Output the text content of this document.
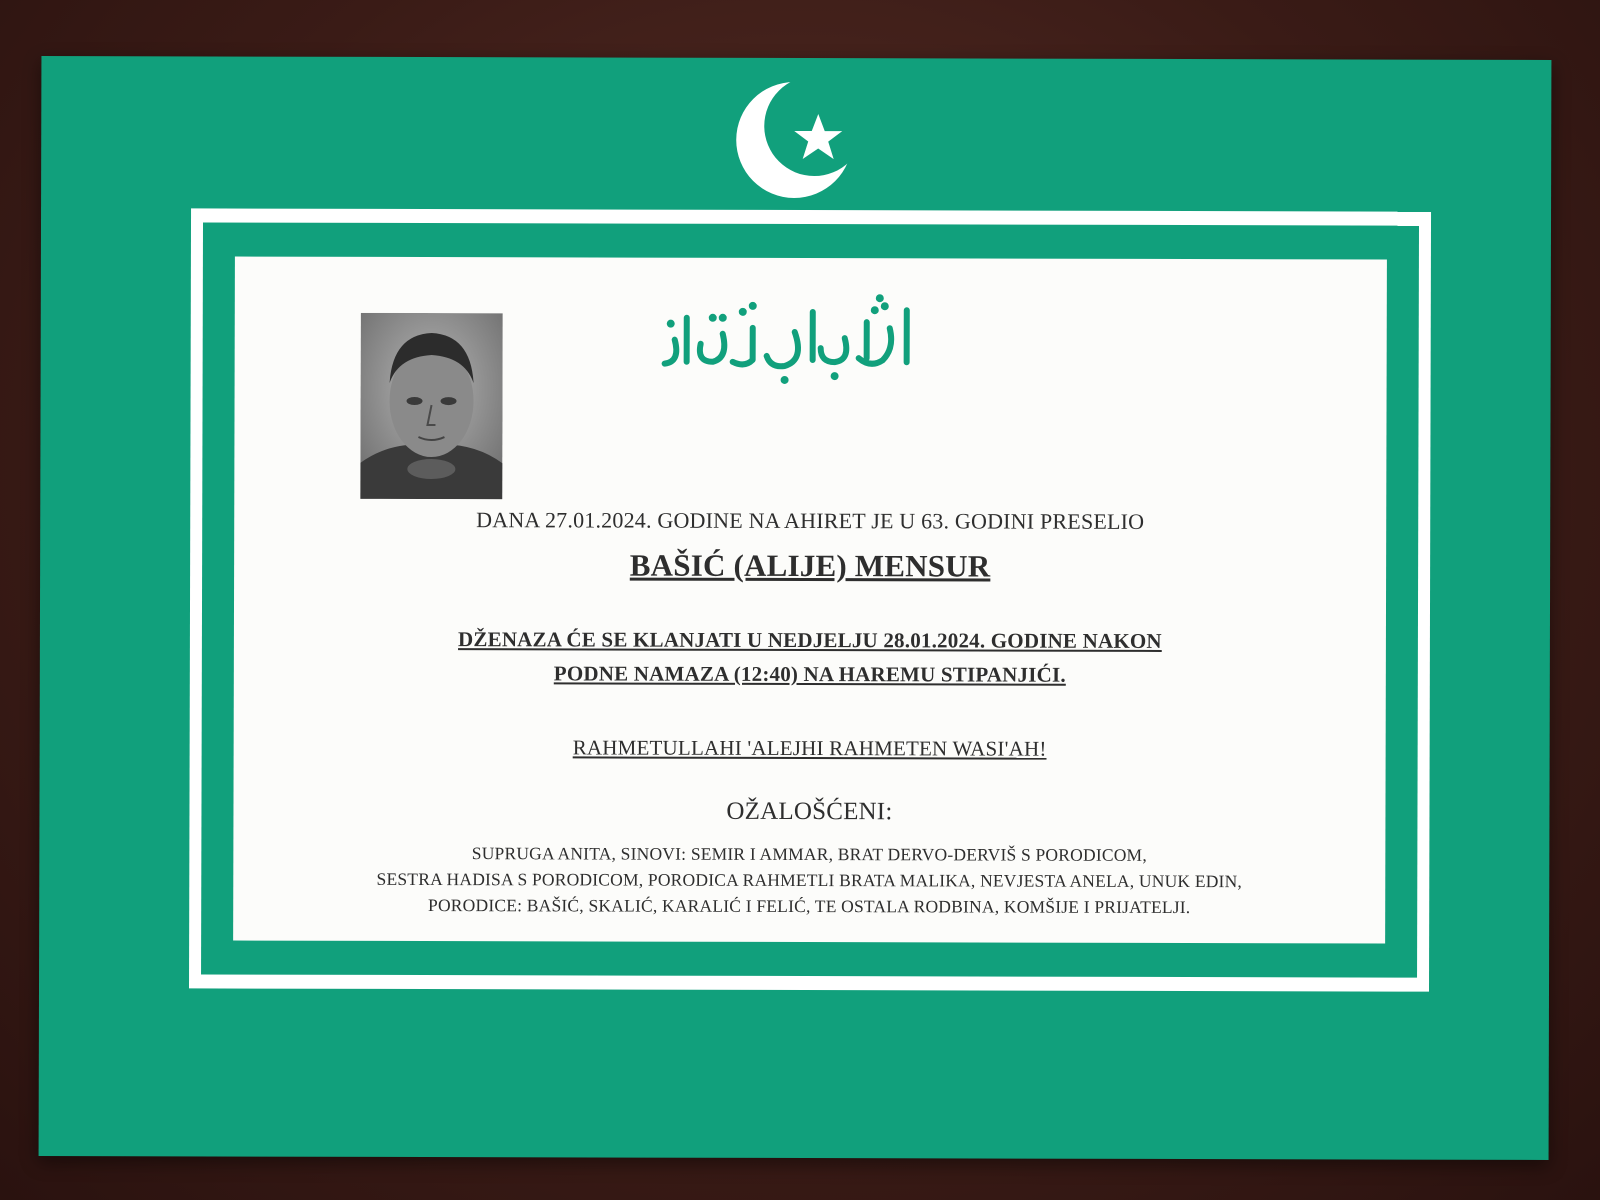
DANA 27.01.2024. GODINE NA AHIRET JE U 63. GODINI PRESELIO
BAŠIĆ (ALIJE) MENSUR
DŽENAZA ĆE SE KLANJATI U NEDJELJU 28.01.2024. GODINE NAKON
PODNE NAMAZA (12:40) NA HAREMU STIPANJIĆI.
RAHMETULLAHI 'ALEJHI RAHMETEN WASI'AH!
OŽALOŠĆENI:
SUPRUGA ANITA, SINOVI: SEMIR I AMMAR, BRAT DERVO-DERVIŠ S PORODICOM,
SESTRA HADISA S PORODICOM, PORODICA RAHMETLI BRATA MALIKA, NEVJESTA ANELA, UNUK EDIN,
PORODICE: BAŠIĆ, SKALIĆ, KARALIĆ I FELIĆ, TE OSTALA RODBINA, KOMŠIJE I PRIJATELJI.
